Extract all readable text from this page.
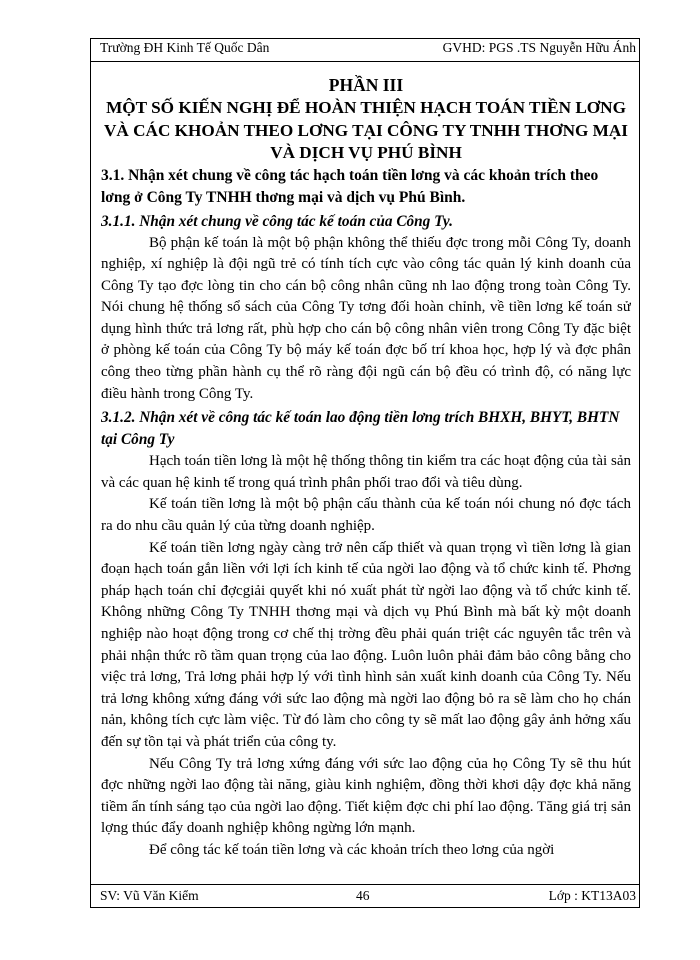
Trường ĐH Kinh Tế Quốc Dân	GVHD: PGS .TS Nguyễn Hữu Ánh

PHẦN III

MỘT SỐ KIẾN NGHỊ ĐỂ HOÀN THIỆN HẠCH TOÁN TIỀN LƠNG VÀ CÁC KHOẢN THEO LƠNG TẠI CÔNG TY TNHH THƠNG MẠI VÀ DỊCH VỤ PHÚ BÌNH

3.1. Nhận xét chung về công tác hạch toán tiền lơng và các khoản trích theo lơng ở Công Ty TNHH thơng mại và dịch vụ Phú Bình.

3.1.1. Nhận xét chung về công tác kế toán của Công Ty.

Bộ phận kế toán là một bộ phận không thể thiếu đợc trong mỗi Công Ty, doanh nghiệp, xí nghiệp là đội ngũ trẻ có tính tích cực vào công tác quản lý kinh doanh của Công Ty tạo đợc lòng tin cho cán bộ công nhân cũng nh lao động trong toàn Công Ty. Nói chung hệ thống sổ sách của Công Ty tơng đối hoàn chỉnh, về tiền lơng kế toán sử dụng hình thức trả lơng rất, phù hợp cho cán bộ công nhân viên trong Công Ty đặc biệt ở phòng kế toán của Công Ty bộ máy kế toán đợc bố trí khoa học, hợp lý và đợc phân công theo từng phần hành cụ thể rõ ràng đội ngũ cán bộ đều có trình độ, có năng lực điều hành trong Công Ty.

3.1.2. Nhận xét về công tác kế toán lao động tiền lơng trích BHXH, BHYT, BHTN tại Công Ty

Hạch toán tiền lơng là một hệ thống thông tin kiểm tra các hoạt động của tài sản và các quan hệ kinh tế trong quá trình phân phối trao đổi và tiêu dùng.

Kế toán tiền lơng là một bộ phận cấu thành của kế toán nói chung nó đợc tách ra do nhu cầu quản lý của từng doanh nghiệp.

Kế toán tiền lơng ngày càng trở nên cấp thiết và quan trọng vì tiền lơng là gian đoạn hạch toán gắn liền với lợi ích kinh tế của ngời lao động và tổ chức kinh tế. Phơng pháp hạch toán chỉ đợcgiải quyết khi nó xuất phát từ ngời lao động và tổ chức kinh tế. Không những Công Ty TNHH thơng mại và dịch vụ Phú Bình mà bất kỳ một doanh nghiệp nào hoạt động trong cơ chế thị trờng đều phải quán triệt các nguyên tắc trên và phải nhận thức rõ tầm quan trọng của lao động. Luôn luôn phải đảm bảo công bằng cho việc trả lơng, Trả lơng phải hợp lý với tình hình sản xuất kinh doanh của Công Ty. Nếu trả lơng không xứng đáng với sức lao động mà ngời lao động bỏ ra sẽ làm cho họ chán nản, không tích cực làm việc. Từ đó làm cho công ty sẽ mất lao động gây ảnh hởng xấu đến sự tồn tại và phát triển của công ty.

Nếu Công Ty trả lơng xứng đáng với sức lao động của họ Công Ty sẽ thu hút đợc những ngời lao động tài năng, giàu kinh nghiệm, đồng thời khơi dậy đợc khả năng tiềm ẩn tính sáng tạo của ngời lao động. Tiết kiệm đợc chi phí lao động. Tăng giá trị sản lợng thúc đẩy doanh nghiệp không ngừng lớn mạnh.

Để công tác kế toán tiền lơng và các khoản trích theo lơng của ngời

SV: Vũ Văn Kiểm	46	Lớp : KT13A03
